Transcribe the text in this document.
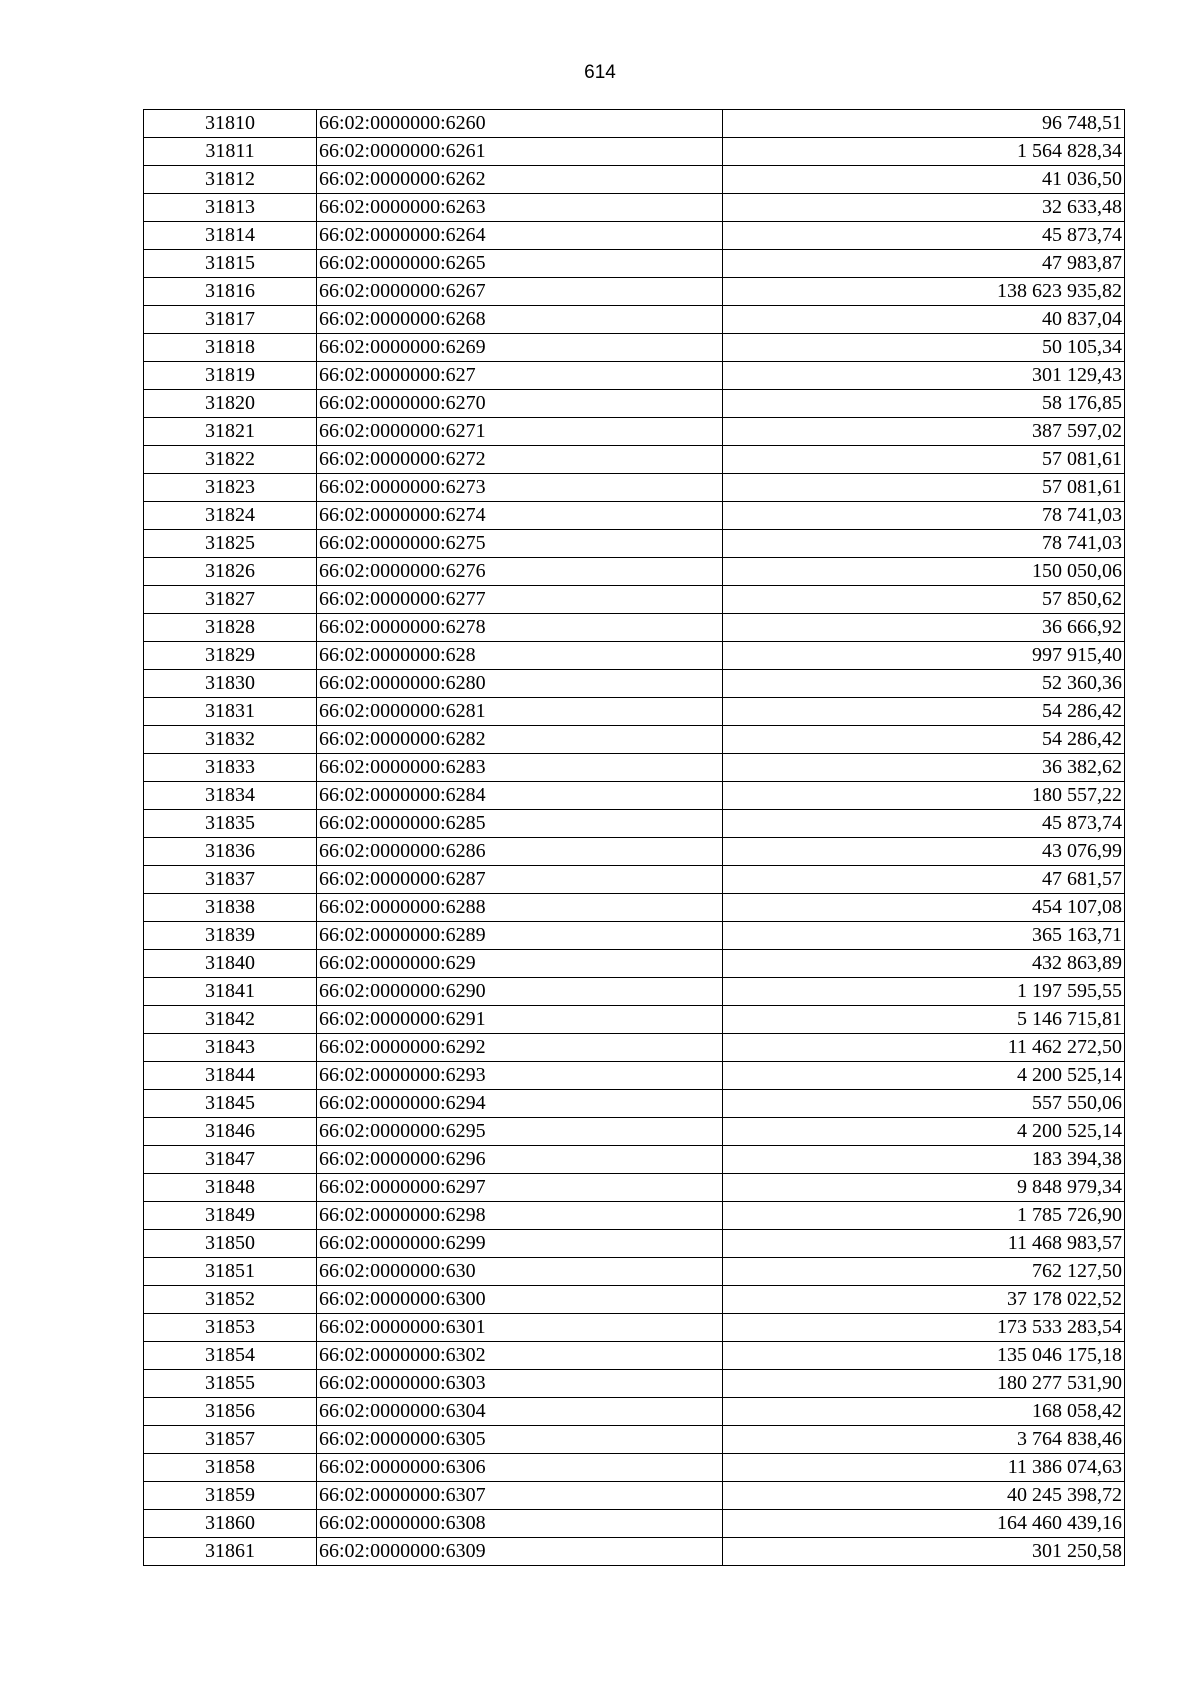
614
31810	66:02:0000000:6260	96 748,51
31811	66:02:0000000:6261	1 564 828,34
31812	66:02:0000000:6262	41 036,50
31813	66:02:0000000:6263	32 633,48
31814	66:02:0000000:6264	45 873,74
31815	66:02:0000000:6265	47 983,87
31816	66:02:0000000:6267	138 623 935,82
31817	66:02:0000000:6268	40 837,04
31818	66:02:0000000:6269	50 105,34
31819	66:02:0000000:627	301 129,43
31820	66:02:0000000:6270	58 176,85
31821	66:02:0000000:6271	387 597,02
31822	66:02:0000000:6272	57 081,61
31823	66:02:0000000:6273	57 081,61
31824	66:02:0000000:6274	78 741,03
31825	66:02:0000000:6275	78 741,03
31826	66:02:0000000:6276	150 050,06
31827	66:02:0000000:6277	57 850,62
31828	66:02:0000000:6278	36 666,92
31829	66:02:0000000:628	997 915,40
31830	66:02:0000000:6280	52 360,36
31831	66:02:0000000:6281	54 286,42
31832	66:02:0000000:6282	54 286,42
31833	66:02:0000000:6283	36 382,62
31834	66:02:0000000:6284	180 557,22
31835	66:02:0000000:6285	45 873,74
31836	66:02:0000000:6286	43 076,99
31837	66:02:0000000:6287	47 681,57
31838	66:02:0000000:6288	454 107,08
31839	66:02:0000000:6289	365 163,71
31840	66:02:0000000:629	432 863,89
31841	66:02:0000000:6290	1 197 595,55
31842	66:02:0000000:6291	5 146 715,81
31843	66:02:0000000:6292	11 462 272,50
31844	66:02:0000000:6293	4 200 525,14
31845	66:02:0000000:6294	557 550,06
31846	66:02:0000000:6295	4 200 525,14
31847	66:02:0000000:6296	183 394,38
31848	66:02:0000000:6297	9 848 979,34
31849	66:02:0000000:6298	1 785 726,90
31850	66:02:0000000:6299	11 468 983,57
31851	66:02:0000000:630	762 127,50
31852	66:02:0000000:6300	37 178 022,52
31853	66:02:0000000:6301	173 533 283,54
31854	66:02:0000000:6302	135 046 175,18
31855	66:02:0000000:6303	180 277 531,90
31856	66:02:0000000:6304	168 058,42
31857	66:02:0000000:6305	3 764 838,46
31858	66:02:0000000:6306	11 386 074,63
31859	66:02:0000000:6307	40 245 398,72
31860	66:02:0000000:6308	164 460 439,16
31861	66:02:0000000:6309	301 250,58
